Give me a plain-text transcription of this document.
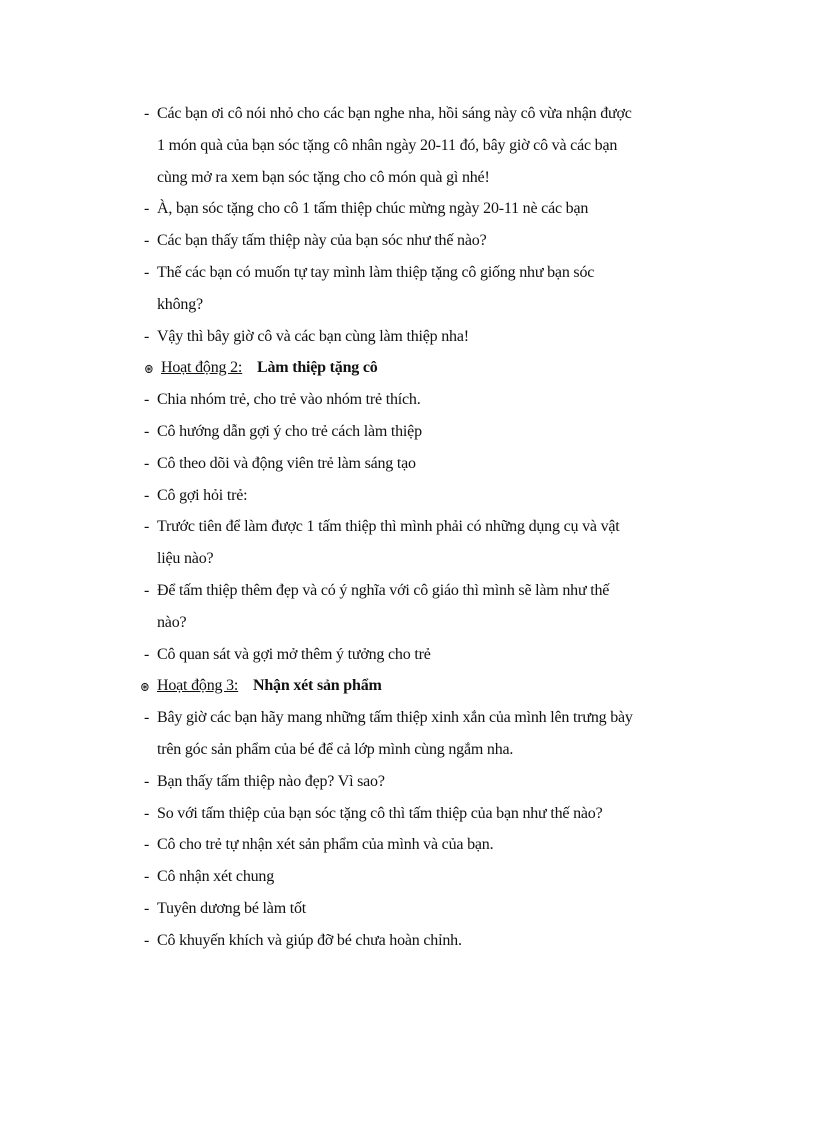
- Các bạn ơi cô nói nhỏ cho các bạn nghe nha, hồi sáng này cô vừa nhận được
1 món quà của bạn sóc tặng cô nhân ngày 20-11 đó, bây giờ cô và các bạn
cùng mở ra xem bạn sóc tặng cho cô món quà gì nhé!
- À, bạn sóc tặng cho cô 1 tấm thiệp chúc mừng ngày 20-11 nè các bạn
- Các bạn thấy tấm thiệp này của bạn sóc như thế nào?
- Thế các bạn có muốn tự tay mình làm thiệp tặng cô giống như bạn sóc
không?
- Vậy thì bây giờ cô và các bạn cùng làm thiệp nha!
⊛ Hoạt động 2: Làm thiệp tặng cô
- Chia nhóm trẻ, cho trẻ vào nhóm trẻ thích.
- Cô hướng dẫn gợi ý cho trẻ cách làm thiệp
- Cô theo dõi và động viên trẻ làm sáng tạo
- Cô gợi hỏi trẻ:
- Trước tiên để làm được 1 tấm thiệp thì mình phải có những dụng cụ và vật
liệu nào?
- Để tấm thiệp thêm đẹp và có ý nghĩa với cô giáo thì mình sẽ làm như thế
nào?
- Cô quan sát và gợi mở thêm ý tưởng cho trẻ
⊛ Hoạt động 3: Nhận xét sản phẩm
- Bây giờ các bạn hãy mang những tấm thiệp xinh xắn của mình lên trưng bày
trên góc sản phẩm của bé để cả lớp mình cùng ngắm nha.
- Bạn thấy tấm thiệp nào đẹp? Vì sao?
- So với tấm thiệp của bạn sóc tặng cô thì tấm thiệp của bạn như thế nào?
- Cô cho trẻ tự nhận xét sản phẩm của mình và của bạn.
- Cô nhận xét chung
- Tuyên dương bé làm tốt
- Cô khuyến khích và giúp đỡ bé chưa hoàn chỉnh.
